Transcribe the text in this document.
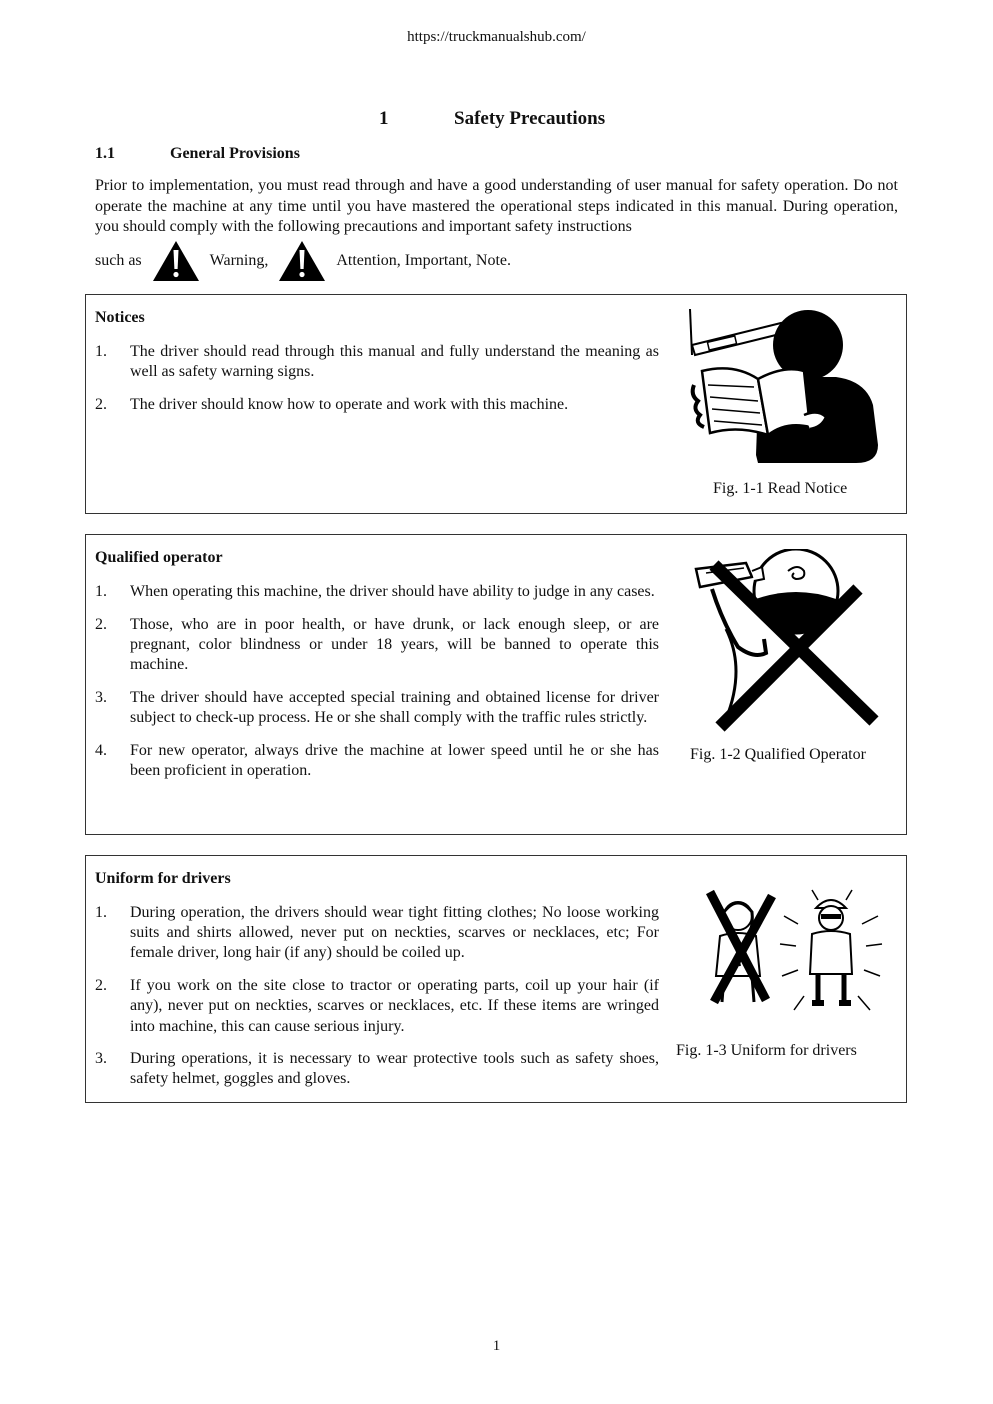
https://truckmanualshub.com/
1	Safety Precautions
1.1	General Provisions

Prior to implementation, you must read through and have a good understanding of user manual for safety operation. Do not operate the machine at any time until you have mastered the operational steps indicated in this manual. During operation, you should comply with the following precautions and important safety instructions

such as	Warning,	Attention, Important, Note.
Notices
1. The driver should read through this manual and fully understand the meaning as well as safety warning signs.
2. The driver should know how to operate and work with this machine.
Fig. 1-1 Read Notice
Qualified operator
1. When operating this machine, the driver should have ability to judge in any cases.
2. Those, who are in poor health, or have drunk, or lack enough sleep, or are pregnant, color blindness or under 18 years, will be banned to operate this machine.
3. The driver should have accepted special training and obtained license for driver subject to check-up process. He or she shall comply with the traffic rules strictly.
4. For new operator, always drive the machine at lower speed until he or she has been proficient in operation.
Fig. 1-2 Qualified Operator
Uniform for drivers
1. During operation, the drivers should wear tight fitting clothes; No loose working suits and shirts allowed, never put on neckties, scarves or necklaces, etc; For female driver, long hair (if any) should be coiled up.
2. If you work on the site close to tractor or operating parts, coil up your hair (if any), never put on neckties, scarves or necklaces, etc. If these items are wringed into machine, this can cause serious injury.
3. During operations, it is necessary to wear protective tools such as safety shoes, safety helmet, goggles and gloves.
Fig. 1-3 Uniform for drivers
1
